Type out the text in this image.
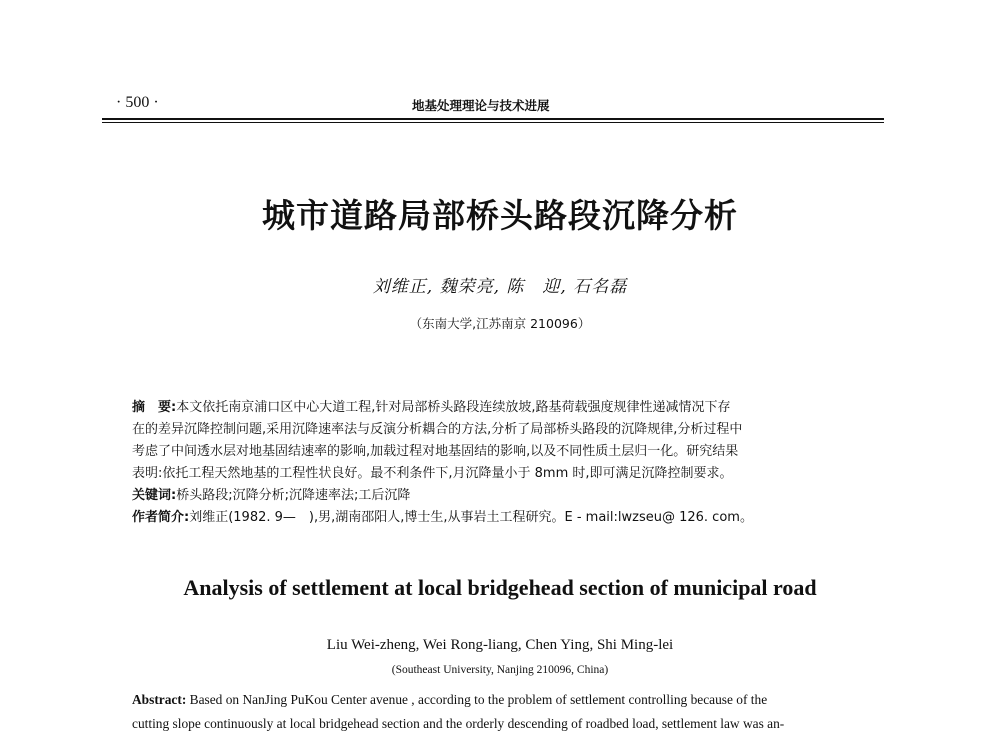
· 500 ·	地基处理理论与技术进展
城市道路局部桥头路段沉降分析
刘维正, 魏荣亮, 陈　迎, 石名磊
（东南大学,江苏南京 210096）
摘　要:本文依托南京浦口区中心大道工程,针对局部桥头路段连续放坡,路基荷载强度规律性递减情况下存
在的差异沉降控制问题,采用沉降速率法与反演分析耦合的方法,分析了局部桥头路段的沉降规律,分析过程中
考虑了中间透水层对地基固结速率的影响,加载过程对地基固结的影响,以及不同性质土层归一化。研究结果
表明:依托工程天然地基的工程性状良好。最不利条件下,月沉降量小于 8mm 时,即可满足沉降控制要求。
关键词:桥头路段;沉降分析;沉降速率法;工后沉降
作者简介:刘维正(1982. 9—　),男,湖南邵阳人,博士生,从事岩土工程研究。E - mail:lwzseu@ 126. com。
Analysis of settlement at local bridgehead section of municipal road
Liu Wei-zheng, Wei Rong-liang, Chen Ying, Shi Ming-lei
(Southeast University, Nanjing 210096, China)
Abstract: Based on NanJing PuKou Center avenue , according to the problem of settlement controlling because of the
cutting slope continuously at local bridgehead section and the orderly descending of roadbed load, settlement law was an-
